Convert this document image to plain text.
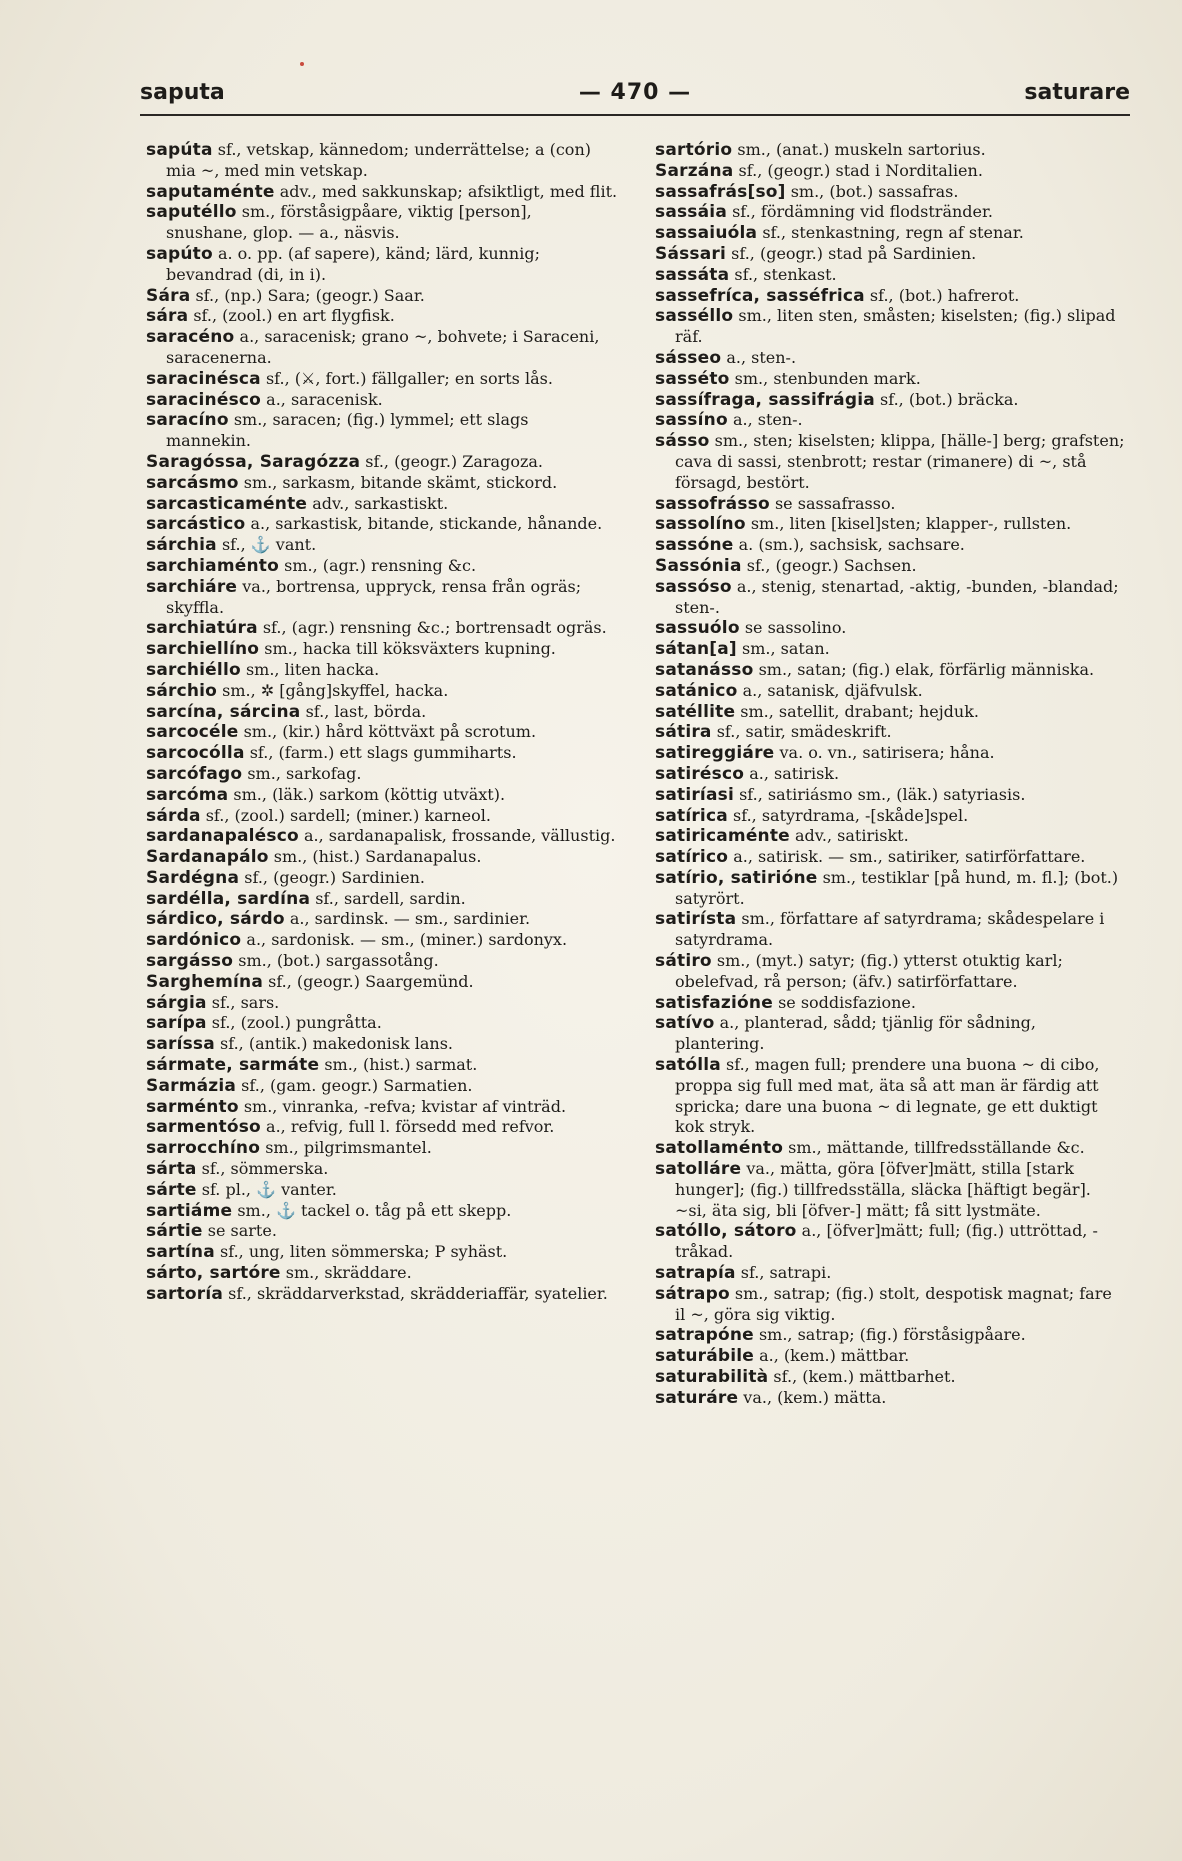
saputa	— 470 —	saturare

sapúta sf., vetskap, kännedom; underrättelse; a (con) mia ~, med min vetskap.

saputaménte adv., med sakkunskap; afsiktligt, med flit.

saputéllo sm., förståsigpåare, viktig [person], snushane, glop. — a., näsvis.

sapúto a. o. pp. (af sapere), känd; lärd, kunnig; bevandrad (di, in i).

Sára sf., (np.) Sara; (geogr.) Saar.

sára sf., (zool.) en art flygfisk.

saracéno a., saracenisk; grano ~, bohvete; i Saraceni, saracenerna.

saracinésca sf., (⚔, fort.) fällgaller; en sorts lås.

saracinésco a., saracenisk.

saracíno sm., saracen; (fig.) lymmel; ett slags mannekin.

Saragóssa, Saragózza sf., (geogr.) Zaragoza.

sarcásmo sm., sarkasm, bitande skämt, stickord.

sarcasticaménte adv., sarkastiskt.

sarcástico a., sarkastisk, bitande, stickande, hånande.

sárchia sf., ⚓ vant.

sarchiaménto sm., (agr.) rensning &c.

sarchiáre va., bortrensa, uppryck, rensa från ogräs; skyffla.

sarchiatúra sf., (agr.) rensning &c.; bortrensadt ogräs.

sarchiellíno sm., hacka till köksväxters kupning.

sarchiéllo sm., liten hacka.

sárchio sm., ✲ [gång]skyffel, hacka.

sarcína, sárcina sf., last, börda.

sarcocéle sm., (kir.) hård köttväxt på scrotum.

sarcocólla sf., (farm.) ett slags gummiharts.

sarcófago sm., sarkofag.

sarcóma sm., (läk.) sarkom (köttig utväxt).

sárda sf., (zool.) sardell; (miner.) karneol.

sardanapalésco a., sardanapalisk, frossande, vällustig.

Sardanapálo sm., (hist.) Sardanapalus.

Sardégna sf., (geogr.) Sardinien.

sardélla, sardína sf., sardell, sardin.

sárdico, sárdo a., sardinsk. — sm., sardinier.

sardónico a., sardonisk. — sm., (miner.) sardonyx.

sargásso sm., (bot.) sargassotång.

Sarghemína sf., (geogr.) Saargemünd.

sárgia sf., sars.

sarípa sf., (zool.) pungråtta.

saríssa sf., (antik.) makedonisk lans.

sármate, sarmáte sm., (hist.) sarmat.

Sarmázia sf., (gam. geogr.) Sarmatien.

sarménto sm., vinranka, -refva; kvistar af vinträd.

sarmentóso a., refvig, full l. försedd med refvor.

sarrocchíno sm., pilgrimsmantel.

sárta sf., sömmerska.

sárte sf. pl., ⚓ vanter.

sartiáme sm., ⚓ tackel o. tåg på ett skepp.

sártie se sarte.

sartína sf., ung, liten sömmerska; P syhäst.

sárto, sartóre sm., skräddare.

sartoría sf., skräddarverkstad, skrädderiaffär, syatelier.

sartório sm., (anat.) muskeln sartorius.

Sarzána sf., (geogr.) stad i Norditalien.

sassafrás[so] sm., (bot.) sassafras.

sassáia sf., fördämning vid flodstränder.

sassaiuóla sf., stenkastning, regn af stenar.

Sássari sf., (geogr.) stad på Sardinien.

sassáta sf., stenkast.

sassefríca, sasséfrica sf., (bot.) hafrerot.

sasséllo sm., liten sten, småsten; kiselsten; (fig.) slipad räf.

sásseo a., sten-.

sasséto sm., stenbunden mark.

sassífraga, sassifrágia sf., (bot.) bräcka.

sassíno a., sten-.

sásso sm., sten; kiselsten; klippa, [hälle-] berg; grafsten; cava di sassi, stenbrott; restar (rimanere) di ~, stå försagd, bestört.

sassofrásso se sassafrasso.

sassolíno sm., liten [kisel]sten; klapper-, rullsten.

sassóne a. (sm.), sachsisk, sachsare.

Sassónia sf., (geogr.) Sachsen.

sassóso a., stenig, stenartad, -aktig, -bunden, -blandad; sten-.

sassuólo se sassolino.

sátan[a] sm., satan.

satanásso sm., satan; (fig.) elak, förfärlig människa.

satánico a., satanisk, djäfvulsk.

satéllite sm., satellit, drabant; hejduk.

sátira sf., satir, smädeskrift.

satireggiáre va. o. vn., satirisera; håna.

satirésco a., satirisk.

satiríasi sf., satiriásmo sm., (läk.) satyriasis.

satírica sf., satyrdrama, -[skåde]spel.

satiricaménte adv., satiriskt.

satírico a., satirisk. — sm., satiriker, satirförfattare.

satírio, satirióne sm., testiklar [på hund, m. fl.]; (bot.) satyrört.

satirísta sm., författare af satyrdrama; skådespelare i satyrdrama.

sátiro sm., (myt.) satyr; (fig.) ytterst otuktig karl; obelefvad, rå person; (äfv.) satirförfattare.

satisfazióne se soddisfazione.

satívo a., planterad, sådd; tjänlig för sådning, plantering.

satólla sf., magen full; prendere una buona ~ di cibo, proppa sig full med mat, äta så att man är färdig att spricka; dare una buona ~ di legnate, ge ett duktigt kok stryk.

satollaménto sm., mättande, tillfredsställande &c.

satolláre va., mätta, göra [öfver]mätt, stilla [stark hunger]; (fig.) tillfredsställa, släcka [häftigt begär]. ~si, äta sig, bli [öfver-] mätt; få sitt lystmäte.

satóllo, sátoro a., [öfver]mätt; full; (fig.) uttröttad, -tråkad.

satrapía sf., satrapi.

sátrapo sm., satrap; (fig.) stolt, despotisk magnat; fare il ~, göra sig viktig.

satrapóne sm., satrap; (fig.) förståsigpåare.

saturábile a., (kem.) mättbar.

saturabilità sf., (kem.) mättbarhet.

saturáre va., (kem.) mätta.
